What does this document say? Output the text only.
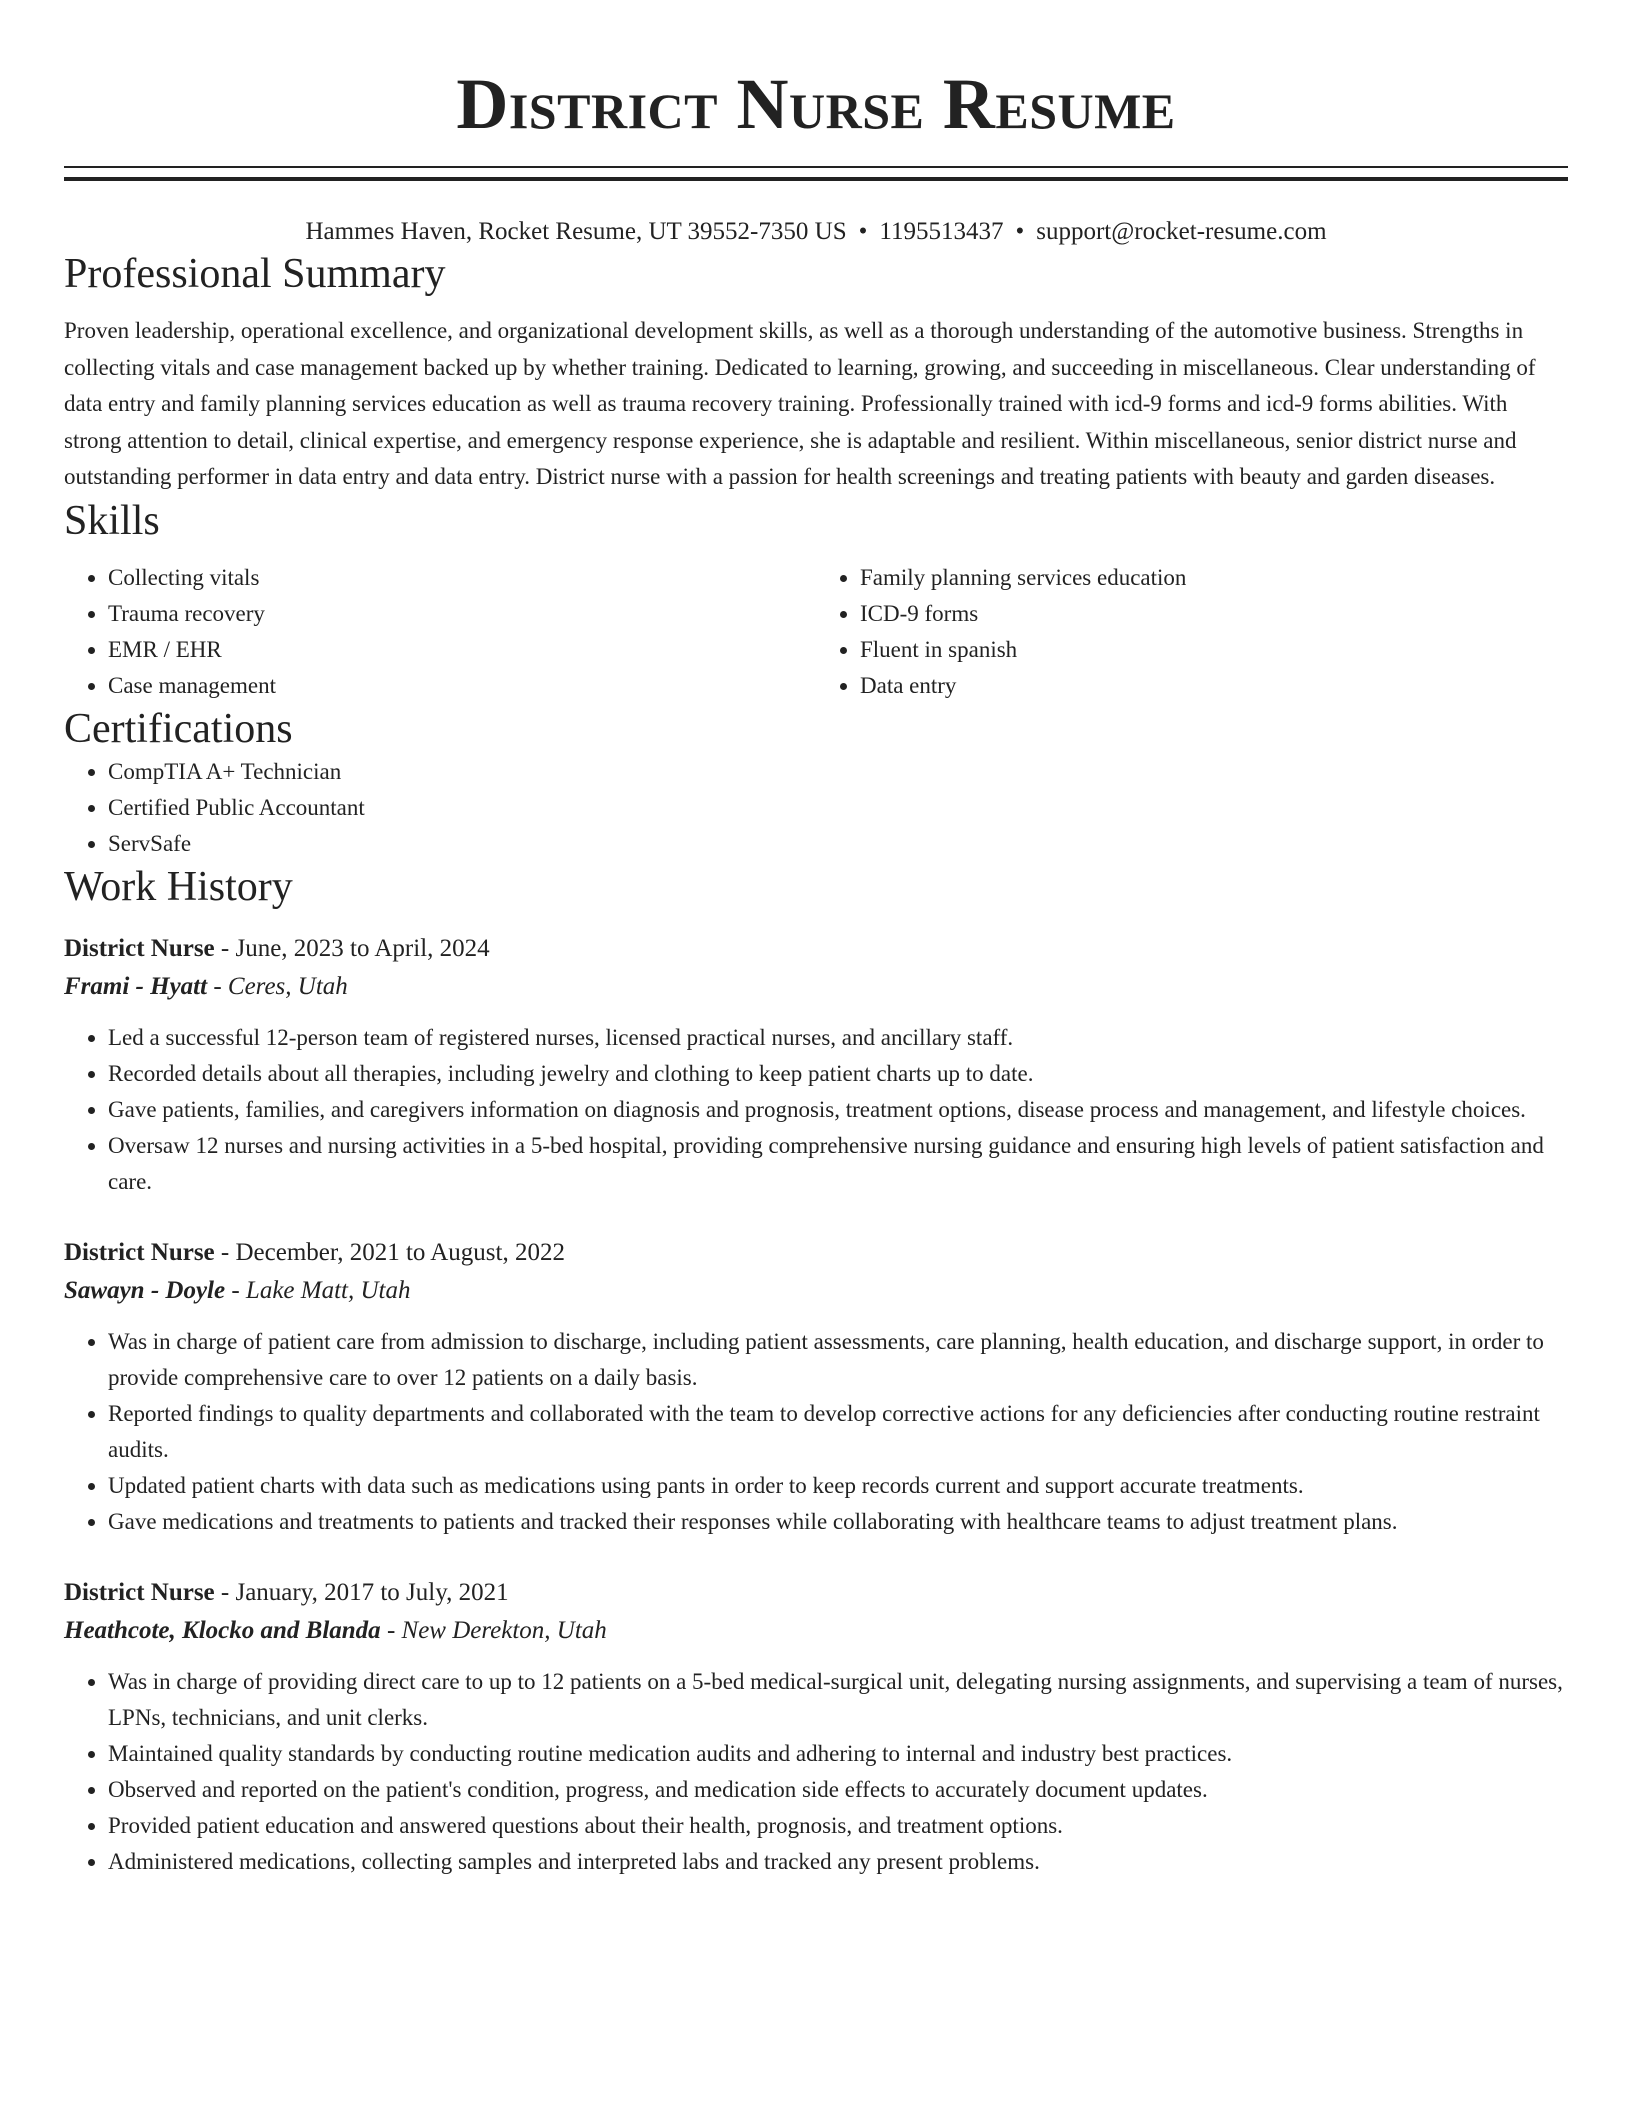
District Nurse Resume
Hammes Haven, Rocket Resume, UT 39552-7350 US • 1195513437 • support@rocket-resume.com
Professional Summary

Proven leadership, operational excellence, and organizational development skills, as well as a thorough understanding of the automotive business. Strengths in collecting vitals and case management backed up by whether training. Dedicated to learning, growing, and succeeding in miscellaneous. Clear understanding of data entry and family planning services education as well as trauma recovery training. Professionally trained with icd-9 forms and icd-9 forms abilities. With strong attention to detail, clinical expertise, and emergency response experience, she is adaptable and resilient. Within miscellaneous, senior district nurse and outstanding performer in data entry and data entry. District nurse with a passion for health screenings and treating patients with beauty and garden diseases.

Skills
• Collecting vitals
• Trauma recovery
• EMR / EHR
• Case management
• Family planning services education
• ICD-9 forms
• Fluent in spanish
• Data entry
Certifications
• CompTIA A+ Technician
• Certified Public Accountant
• ServSafe
Work History
District Nurse - June, 2023 to April, 2024
Frami - Hyatt - Ceres, Utah
• Led a successful 12-person team of registered nurses, licensed practical nurses, and ancillary staff.
• Recorded details about all therapies, including jewelry and clothing to keep patient charts up to date.
• Gave patients, families, and caregivers information on diagnosis and prognosis, treatment options, disease process and management, and lifestyle choices.
• Oversaw 12 nurses and nursing activities in a 5-bed hospital, providing comprehensive nursing guidance and ensuring high levels of patient satisfaction and care.
District Nurse - December, 2021 to August, 2022
Sawayn - Doyle - Lake Matt, Utah
• Was in charge of patient care from admission to discharge, including patient assessments, care planning, health education, and discharge support, in order to provide comprehensive care to over 12 patients on a daily basis.
• Reported findings to quality departments and collaborated with the team to develop corrective actions for any deficiencies after conducting routine restraint audits.
• Updated patient charts with data such as medications using pants in order to keep records current and support accurate treatments.
• Gave medications and treatments to patients and tracked their responses while collaborating with healthcare teams to adjust treatment plans.
District Nurse - January, 2017 to July, 2021
Heathcote, Klocko and Blanda - New Derekton, Utah
• Was in charge of providing direct care to up to 12 patients on a 5-bed medical-surgical unit, delegating nursing assignments, and supervising a team of nurses, LPNs, technicians, and unit clerks.
• Maintained quality standards by conducting routine medication audits and adhering to internal and industry best practices.
• Observed and reported on the patient's condition, progress, and medication side effects to accurately document updates.
• Provided patient education and answered questions about their health, prognosis, and treatment options.
• Administered medications, collecting samples and interpreted labs and tracked any present problems.
